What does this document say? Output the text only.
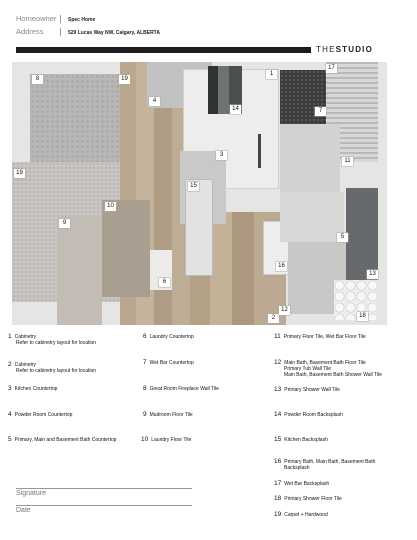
Homeowner Spec Home
Address	529 Lucas Way NW, Calgary, ALBERTA
THESTUDIO
1
2
3
4
5
6
7
8
9
10
11
12
13
14
15
16
17
18
19
19
1 Cabinetry
Refer to cabinetry layout for location
2 Cabinetry
Refer to cabinetry layout for location
3 Kitchen Countertop
4 Powder Room Countertop
5 Primary, Main and Basement Bath Countertop
6 Laundry Countertop
7 Wet Bar Countertop
8 Great Room Fireplace Wall Tile
9 Mudroom Floor Tile
10 Laundry Floor Tile
11 Primary Floor Tile, Wet Bar Floor Tile
12 Main Bath, Basement Bath Floor Tile
Primary Tub Wall Tile
Main Bath, Basement Bath Shower Wall Tile
13 Primary Shower Wall Tile
14 Powder Room Backsplash
15 Kitchen Backsplash
16 Primary Bath, Main Bath, Basement Bath
Backsplash
17 Wet Bar Backsplash
18 Primary Shower Floor Tile
19 Carpet + Hardwood
Signature
Date
